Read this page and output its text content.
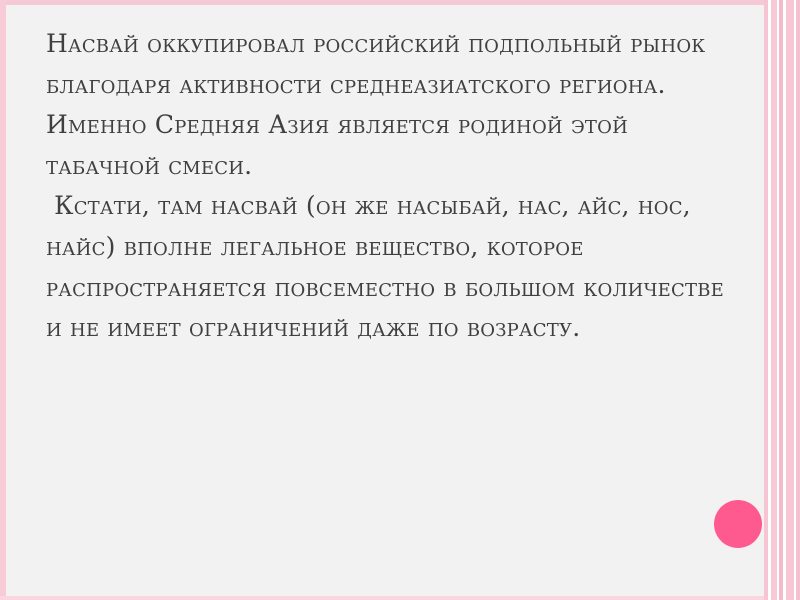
Насвай оккупировал российский подпольный рынок благодаря активности среднеазиатского региона.

Именно Средняя Азия является родиной этой табачной смеси.

Кстати, там насвай (он же насыбай, нас, айс, нос, найс) вполне легальное вещество, которое распространяется повсеместно в большом количестве и не имеет ограничений даже по возрасту.
